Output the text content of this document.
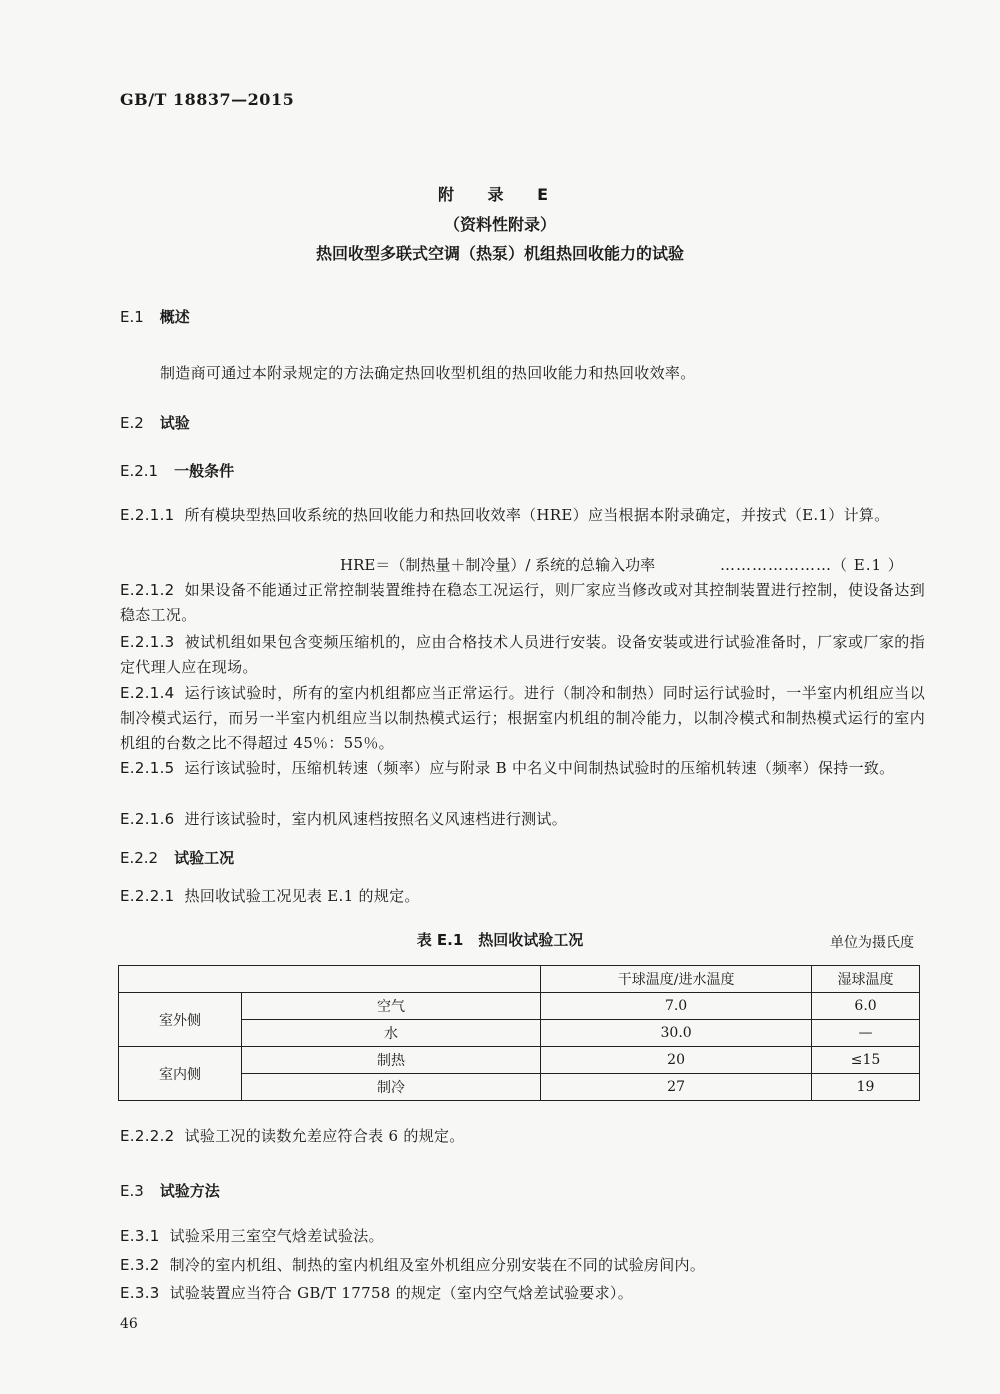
GB/T 18837—2015
附 录 E
（资料性附录）
热回收型多联式空调（热泵）机组热回收能力的试验
E.1 概述
制造商可通过本附录规定的方法确定热回收型机组的热回收能力和热回收效率。
E.2 试验
E.2.1 一般条件
E.2.1.1 所有模块型热回收系统的热回收能力和热回收效率（HRE）应当根据本附录确定，并按式（E.1）计算。
HRE＝（制热量＋制冷量）/ 系统的总输入功率	…………………（ E.1 ）
E.2.1.2 如果设备不能通过正常控制装置维持在稳态工况运行，则厂家应当修改或对其控制装置进行控制，使设备达到稳态工况。
E.2.1.3 被试机组如果包含变频压缩机的，应由合格技术人员进行安装。设备安装或进行试验准备时，厂家或厂家的指定代理人应在现场。
E.2.1.4 运行该试验时，所有的室内机组都应当正常运行。进行（制冷和制热）同时运行试验时，一半室内机组应当以制冷模式运行，而另一半室内机组应当以制热模式运行；根据室内机组的制冷能力，以制冷模式和制热模式运行的室内机组的台数之比不得超过 45％：55％。
E.2.1.5 运行该试验时，压缩机转速（频率）应与附录 B 中名义中间制热试验时的压缩机转速（频率）保持一致。
E.2.1.6 进行该试验时，室内机风速档按照名义风速档进行测试。
E.2.2 试验工况
E.2.2.1 热回收试验工况见表 E.1 的规定。
表 E.1　热回收试验工况	单位为摄氏度
		干球温度/进水温度	湿球温度
室外侧	空气	7.0	6.0
	水	30.0	—
室内侧	制热	20	≤15
	制冷	27	19
E.2.2.2 试验工况的读数允差应符合表 6 的规定。
E.3 试验方法
E.3.1 试验采用三室空气焓差试验法。
E.3.2 制冷的室内机组、制热的室内机组及室外机组应分别安装在不同的试验房间内。
E.3.3 试验装置应当符合 GB/T 17758 的规定（室内空气焓差试验要求）。
46
